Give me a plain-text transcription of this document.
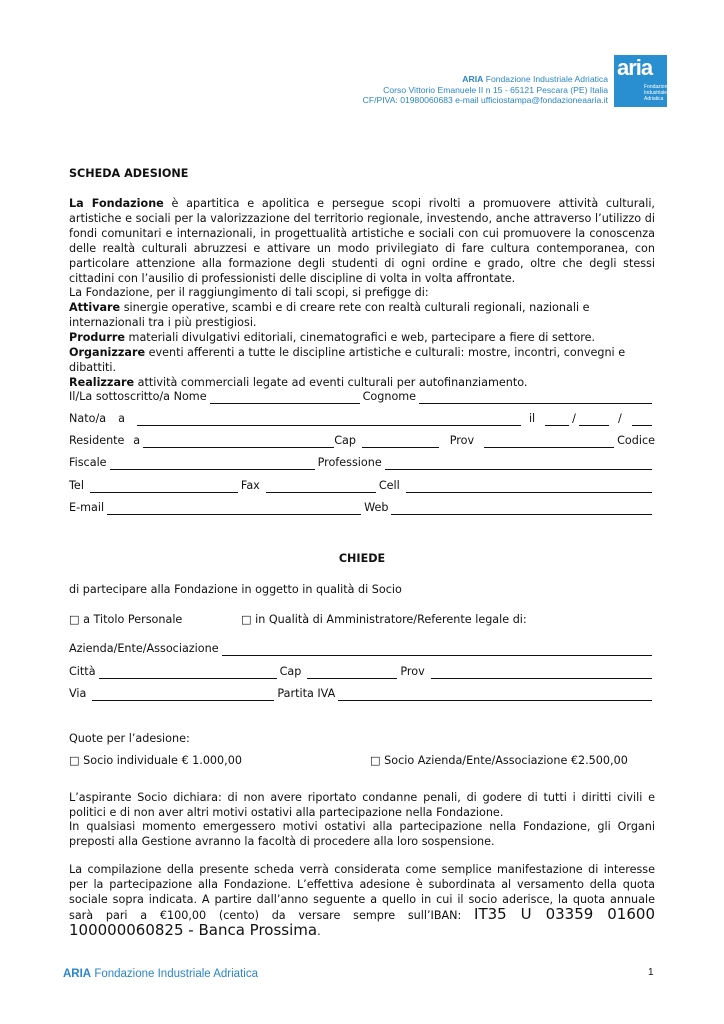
ARIA Fondazione Industriale Adriatica
Corso Vittorio Emanuele II n 15 - 65121 Pescara (PE) Italia
CF/PIVA: 01980060683 e-mail ufficiostampa@fondazioneaaria.it
aria
Fondazione
Industriale
Adriatica
SCHEDA ADESIONE
La Fondazione è apartitica e apolitica e persegue scopi rivolti a promuovere attività culturali, artistiche e sociali per la valorizzazione del territorio regionale, investendo, anche attraverso l’utilizzo di fondi comunitari e internazionali, in progettualità artistiche e sociali con cui promuovere la conoscenza delle realtà culturali abruzzesi e attivare un modo privilegiato di fare cultura contemporanea, con particolare attenzione alla formazione degli studenti di ogni ordine e grado, oltre che degli stessi cittadini con l’ausilio di professionisti delle discipline di volta in volta affrontate.
La Fondazione, per il raggiungimento di tali scopi, si prefigge di:
Attivare sinergie operative, scambi e di creare rete con realtà culturali regionali, nazionali e internazionali tra i più prestigiosi.
Produrre materiali divulgativi editoriali, cinematografici e web, partecipare a fiere di settore.
Organizzare eventi afferenti a tutte le discipline artistiche e culturali: mostre, incontri, convegni e dibattiti.
Realizzare attività commerciali legate ad eventi culturali per autofinanziamento.
Il/La sottoscritto/a Nome	Cognome
Nato/a a	il	/	/
Residente a	Cap	Prov	Codice
Fiscale	Professione
Tel	Fax	Cell
E-mail	Web
CHIEDE
di partecipare alla Fondazione in oggetto in qualità di Socio
□ a Titolo Personale	□ in Qualità di Amministratore/Referente legale di:
Azienda/Ente/Associazione
Città	Cap	Prov
Via	Partita IVA
Quote per l’adesione:
□ Socio individuale € 1.000,00	□ Socio Azienda/Ente/Associazione €2.500,00
L’aspirante Socio dichiara: di non avere riportato condanne penali, di godere di tutti i diritti civili e politici e di non aver altri motivi ostativi alla partecipazione nella Fondazione.
In qualsiasi momento emergessero motivi ostativi alla partecipazione nella Fondazione, gli Organi preposti alla Gestione avranno la facoltà di procedere alla loro sospensione.
La compilazione della presente scheda verrà considerata come semplice manifestazione di interesse per la partecipazione alla Fondazione. L’effettiva adesione è subordinata al versamento della quota sociale sopra indicata. A partire dall’anno seguente a quello in cui il socio aderisce, la quota annuale sarà pari a €100,00 (cento) da versare sempre sull’IBAN: IT35 U 03359 01600 100000060825 - Banca Prossima.
ARIA Fondazione Industriale Adriatica	1
